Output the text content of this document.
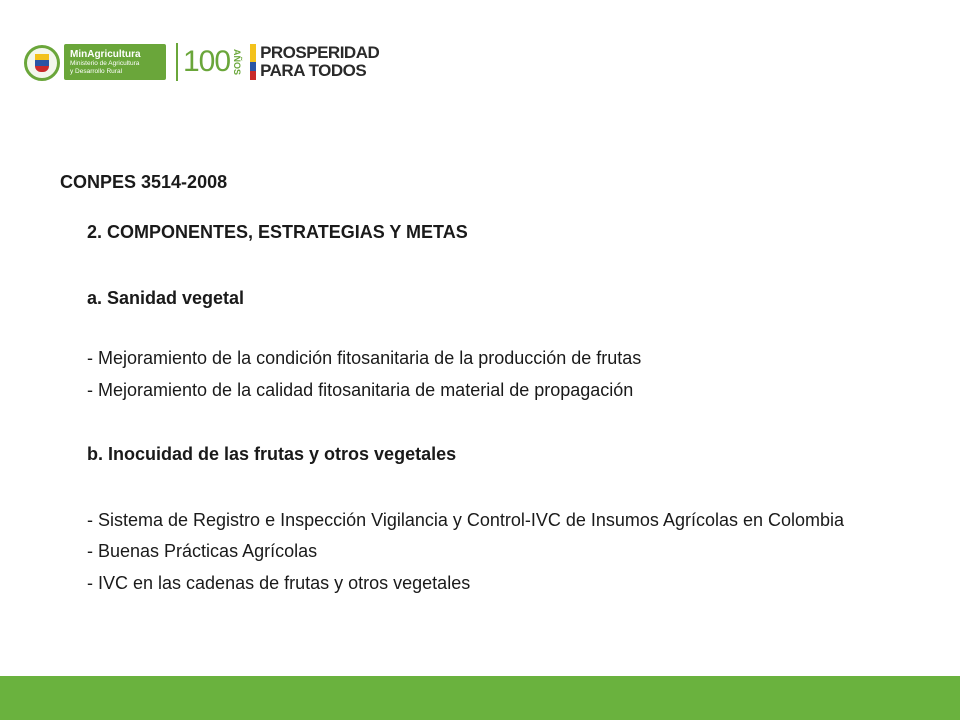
MinAgricultura
Ministerio de Agricultura
y Desarrollo Rural	100 AÑOS PROSPERIDAD
PARA TODOS
CONPES 3514-2008
2. COMPONENTES, ESTRATEGIAS Y METAS
a. Sanidad vegetal
- Mejoramiento de la condición fitosanitaria de la producción de frutas
- Mejoramiento de la calidad fitosanitaria de material de propagación
b. Inocuidad de las frutas y otros vegetales
- Sistema de Registro e Inspección Vigilancia y Control-IVC de Insumos Agrícolas en Colombia
- Buenas Prácticas Agrícolas
- IVC en las cadenas de frutas y otros vegetales
